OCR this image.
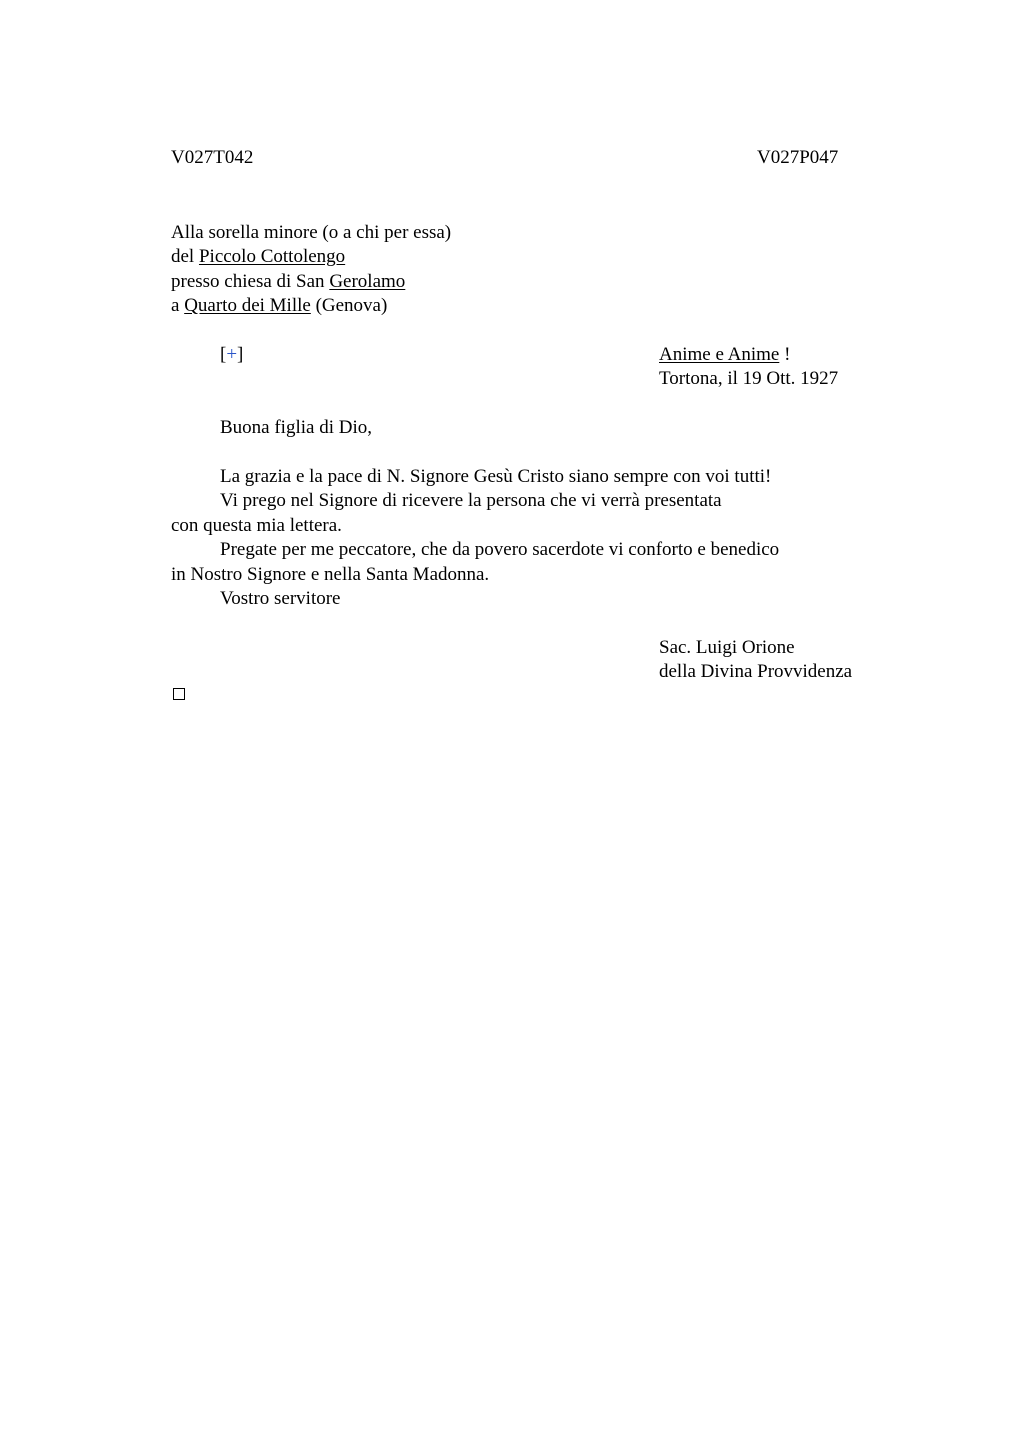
V027T042	V027P047
Alla sorella minore (o a chi per essa)
del Piccolo Cottolengo
presso chiesa di San Gerolamo
a Quarto dei Mille (Genova)
[+]	Anime e Anime !
Tortona, il 19 Ott. 1927
Buona figlia di Dio,
La grazia e la pace di N. Signore Gesù Cristo siano sempre con voi tutti!
Vi prego nel Signore di ricevere la persona che vi verrà presentata
con questa mia lettera.
Pregate per me peccatore, che da povero sacerdote vi conforto e benedico
in Nostro Signore e nella Santa Madonna.
Vostro servitore
Sac. Luigi Orione
della Divina Provvidenza
